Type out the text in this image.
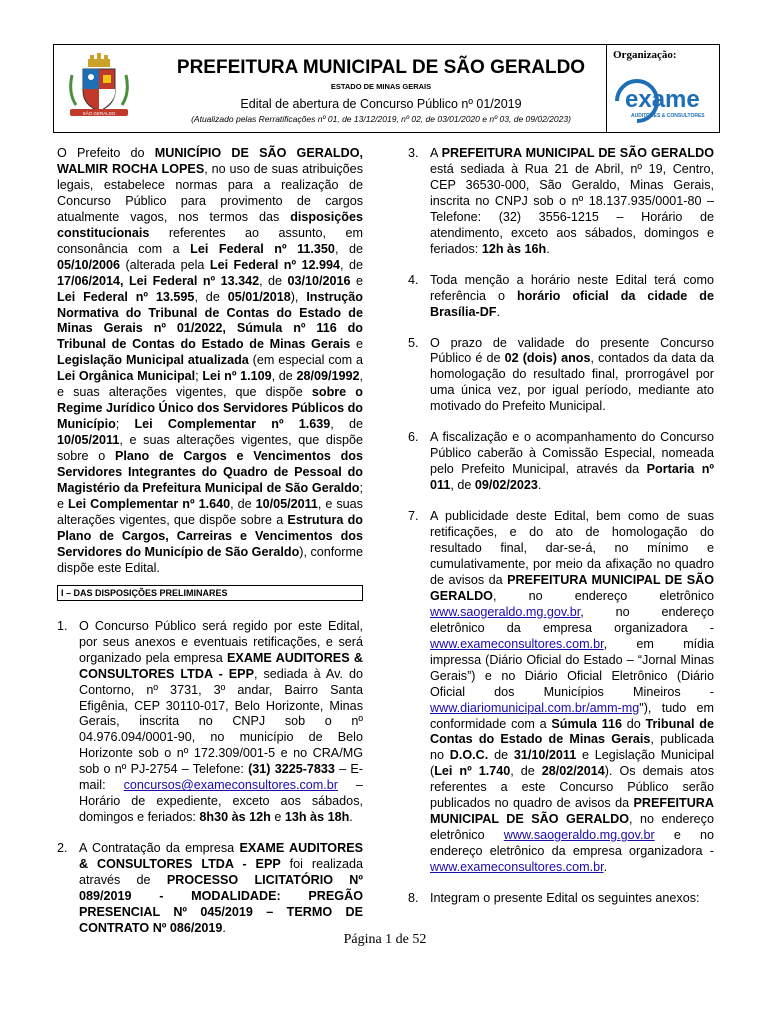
SÃO GERALDO
PREFEITURA MUNICIPAL DE SÃO GERALDO
ESTADO DE MINAS GERAIS
Edital de abertura de Concurso Público nº 01/2019
(Atualizado pelas Rerratificações nº 01, de 13/12/2019, nº 02, de 03/01/2020 e nº 03, de 09/02/2023)
Organização:
exame
AUDITORES & CONSULTORES

O Prefeito do MUNICÍPIO DE SÃO GERALDO, WALMIR ROCHA LOPES, no uso de suas atribuições legais, estabelece normas para a realização de Concurso Público para provimento de cargos atualmente vagos, nos termos das disposições constitucionais referentes ao assunto, em consonância com a Lei Federal nº 11.350, de 05/10/2006 (alterada pela Lei Federal nº 12.994, de 17/06/2014, Lei Federal nº 13.342, de 03/10/2016 e Lei Federal nº 13.595, de 05/01/2018), Instrução Normativa do Tribunal de Contas do Estado de Minas Gerais nº 01/2022, Súmula nº 116 do Tribunal de Contas do Estado de Minas Gerais e Legislação Municipal atualizada (em especial com a Lei Orgânica Municipal; Lei nº 1.109, de 28/09/1992, e suas alterações vigentes, que dispõe sobre o Regime Jurídico Único dos Servidores Públicos do Município; Lei Complementar nº 1.639, de 10/05/2011, e suas alterações vigentes, que dispõe sobre o Plano de Cargos e Vencimentos dos Servidores Integrantes do Quadro de Pessoal do Magistério da Prefeitura Municipal de São Geraldo; e Lei Complementar nº 1.640, de 10/05/2011, e suas alterações vigentes, que dispõe sobre a Estrutura do Plano de Cargos, Carreiras e Vencimentos dos Servidores do Município de São Geraldo), conforme dispõe este Edital.

I – DAS DISPOSIÇÕES PRELIMINARES
1. O Concurso Público será regido por este Edital, por seus anexos e eventuais retificações, e será organizado pela empresa EXAME AUDITORES & CONSULTORES LTDA - EPP, sediada à Av. do Contorno, nº 3731, 3º andar, Bairro Santa Efigênia, CEP 30110-017, Belo Horizonte, Minas Gerais, inscrita no CNPJ sob o nº 04.976.094/0001-90, no município de Belo Horizonte sob o nº 172.309/001-5 e no CRA/MG sob o nº PJ-2754 – Telefone: (31) 3225-7833 – E-mail: concursos@exameconsultores.com.br – Horário de expediente, exceto aos sábados, domingos e feriados: 8h30 às 12h e 13h às 18h.
2. A Contratação da empresa EXAME AUDITORES & CONSULTORES LTDA - EPP foi realizada através de PROCESSO LICITATÓRIO Nº 089/2019 - MODALIDADE: PREGÃO PRESENCIAL Nº 045/2019 – TERMO DE CONTRATO Nº 086/2019.
3. A PREFEITURA MUNICIPAL DE SÃO GERALDO está sediada à Rua 21 de Abril, nº 19, Centro, CEP 36530-000, São Geraldo, Minas Gerais, inscrita no CNPJ sob o nº 18.137.935/0001-80 – Telefone: (32) 3556-1215 – Horário de atendimento, exceto aos sábados, domingos e feriados: 12h às 16h.
4. Toda menção a horário neste Edital terá como referência o horário oficial da cidade de Brasília-DF.
5. O prazo de validade do presente Concurso Público é de 02 (dois) anos, contados da data da homologação do resultado final, prorrogável por uma única vez, por igual período, mediante ato motivado do Prefeito Municipal.
6. A fiscalização e o acompanhamento do Concurso Público caberão à Comissão Especial, nomeada pelo Prefeito Municipal, através da Portaria nº 011, de 09/02/2023.
7. A publicidade deste Edital, bem como de suas retificações, e do ato de homologação do resultado final, dar-se-á, no mínimo e cumulativamente, por meio da afixação no quadro de avisos da PREFEITURA MUNICIPAL DE SÃO GERALDO, no endereço eletrônico www.saogeraldo.mg.gov.br, no endereço eletrônico da empresa organizadora - www.exameconsultores.com.br, em mídia impressa (Diário Oficial do Estado – “Jornal Minas Gerais”) e no Diário Oficial Eletrônico (Diário Oficial dos Municípios Mineiros - www.diariomunicipal.com.br/amm-mg"), tudo em conformidade com a Súmula 116 do Tribunal de Contas do Estado de Minas Gerais, publicada no D.O.C. de 31/10/2011 e Legislação Municipal (Lei nº 1.740, de 28/02/2014). Os demais atos referentes a este Concurso Público serão publicados no quadro de avisos da PREFEITURA MUNICIPAL DE SÃO GERALDO, no endereço eletrônico www.saogeraldo.mg.gov.br e no endereço eletrônico da empresa organizadora - www.exameconsultores.com.br.
8. Integram o presente Edital os seguintes anexos:
Página 1 de 52
